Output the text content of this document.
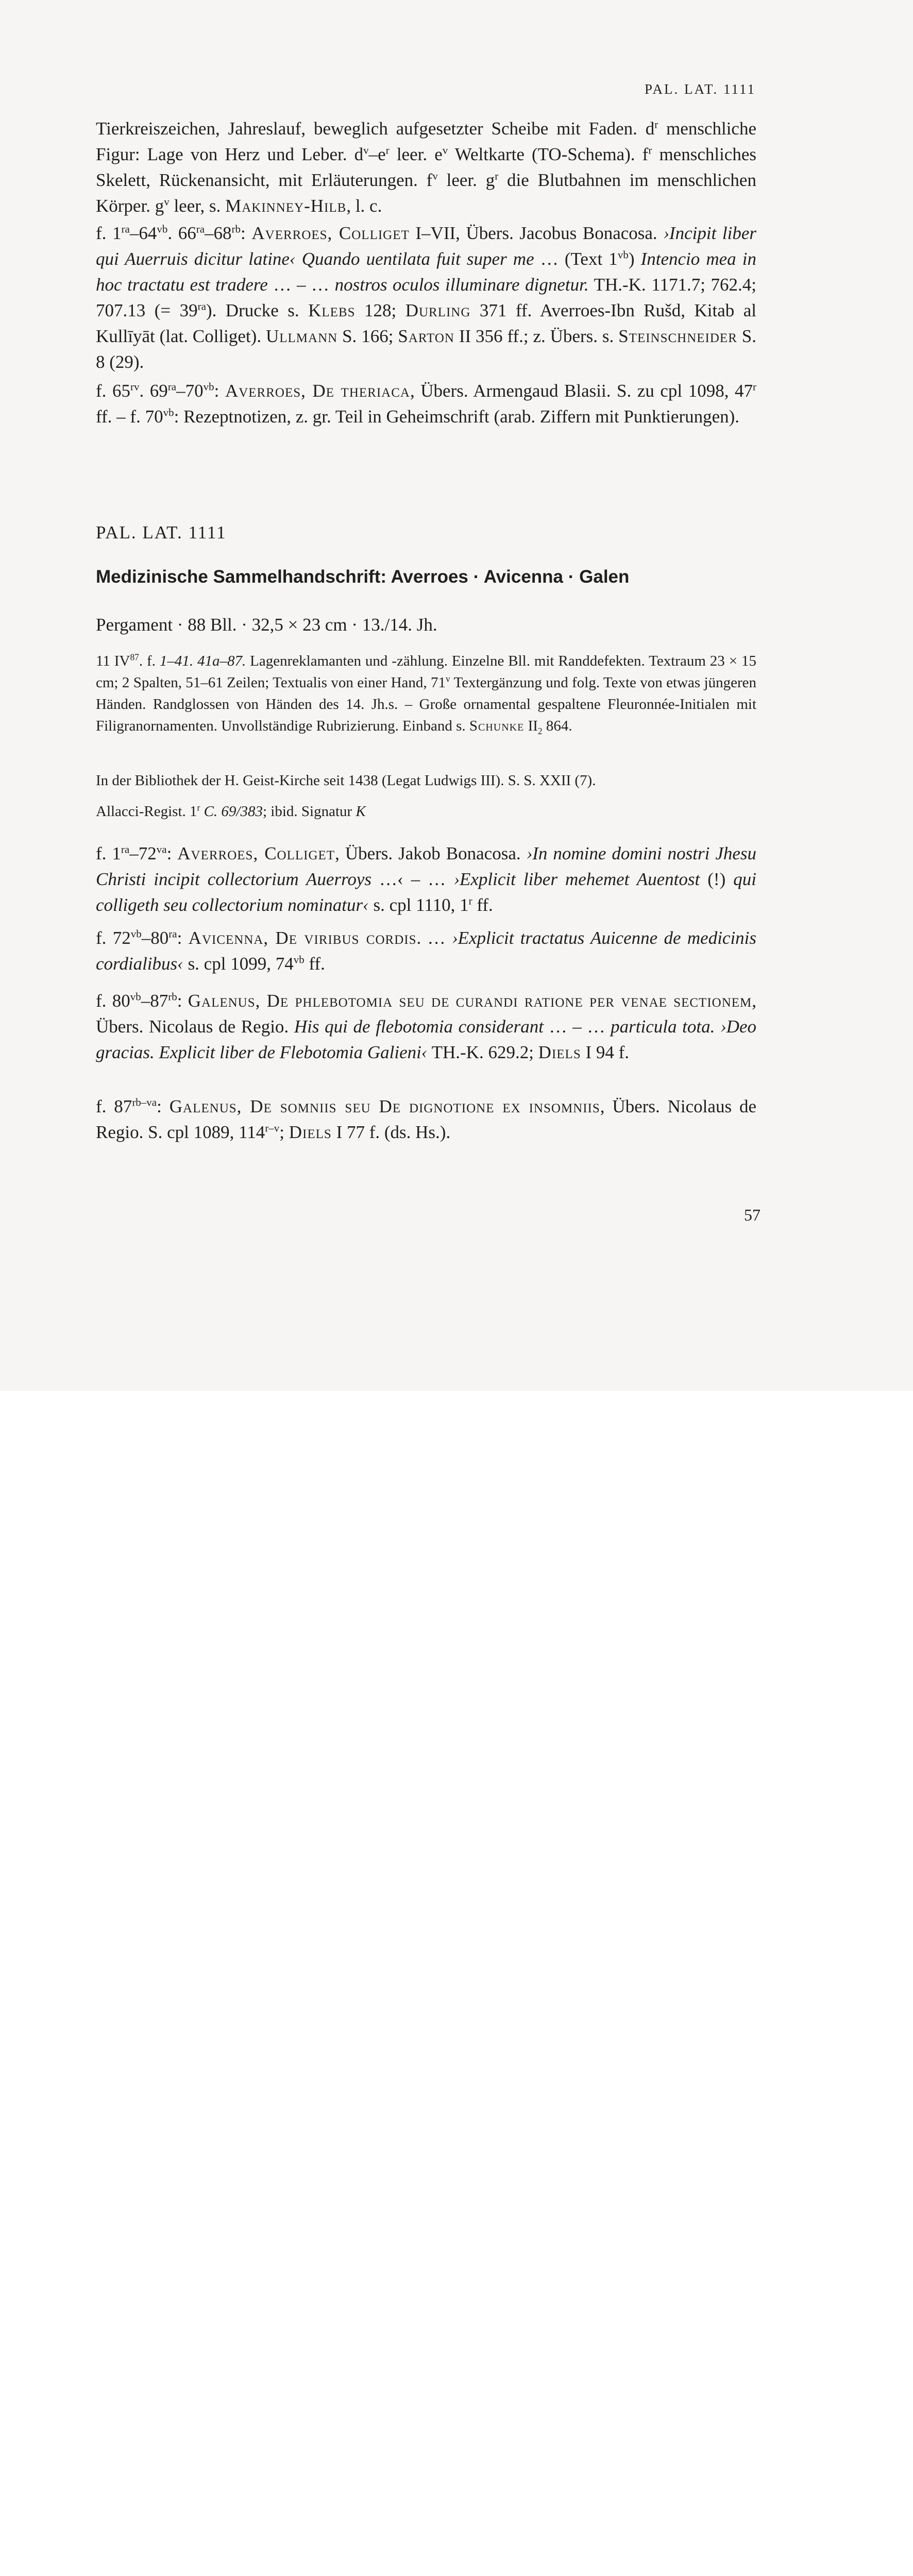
PAL. LAT. 1111
Tierkreiszeichen, Jahreslauf, beweglich aufgesetzter Scheibe mit Faden. $d^r$ menschliche Figur: Lage von Herz und Leber. $d^v-e^r$ leer. $e^v$ Weltkarte (TO-Schema). $f^r$ menschliches Skelett, Rückenansicht, mit Erläuterungen. $f^v$ leer. $g^r$ die Blutbahnen im menschlichen Körper. $g^v$ leer, s. Makinney-Hilb, l. c.
f. $1^{ra}-64^{vb}$. $66^{ra}-68^{rb}$: Averroes, Colliget I–VII, Übers. Jacobus Bonacosa. ›Incipit liber qui Auerruis dicitur latine‹ Quando uentilata fuit super me … (Text $1^{vb}$) Intencio mea in hoc tractatu est tradere … – … nostros oculos illuminare dignetur. TH.-K. 1171.7; 762.4; 707.13 (= $39^{ra}$). Drucke s. Klebs 128; Durling 371 ff. Averroes-Ibn Rušd, Kitab al Kullīyāt (lat. Colliget). Ullmann S. 166; Sarton II 356 ff.; z. Übers. s. Steinschneider S. 8 (29).
f. $65^{rv}$. $69^{ra}-70^{vb}$: Averroes, De theriaca, Übers. Armengaud Blasii. S. zu cpl 1098, 47$^r$ ff. – f. $70^{vb}$: Rezeptnotizen, z. gr. Teil in Geheimschrift (arab. Ziffern mit Punktierungen).
PAL. LAT. 1111
Medizinische Sammelhandschrift: Averroes · Avicenna · Galen
Pergament · 88 Bll. · 32,5 × 23 cm · 13./14. Jh.
11 IV$^{87}$. f. 1–41. 41a–87. Lagenreklamanten und -zählung. Einzelne Bll. mit Randdefekten. Textraum 23 × 15 cm; 2 Spalten, 51–61 Zeilen; Textualis von einer Hand, 71$^v$ Textergänzung und folg. Texte von etwas jüngeren Händen. Randglossen von Händen des 14. Jh.s. – Große ornamental gespaltene Fleuronnée-Initialen mit Filigranornamenten. Unvollständige Rubrizierung. Einband s. Schunke $II_2$ 864.
In der Bibliothek der H. Geist-Kirche seit 1438 (Legat Ludwigs III). S. S. XXII (7).
Allacci-Regist. 1$^r$ C. 69/383; ibid. Signatur K
f. $1^{ra}-72^{va}$: Averroes, Colliget, Übers. Jakob Bonacosa. ›In nomine domini nostri Jhesu Christi incipit collectorium Auerroys …‹ – … ›Explicit liber mehemet Auentost (!) qui colligeth seu collectorium nominatur‹ s. cpl 1110, 1$^r$ ff.
f. $72^{vb}-80^{ra}$: Avicenna, De viribus cordis. … ›Explicit tractatus Auicenne de medicinis cordialibus‹ s. cpl 1099, $74^{vb}$ ff.
f. $80^{vb}-87^{rb}$: Galenus, De phlebotomia seu de curandi ratione per venae sectionem, Übers. Nicolaus de Regio. His qui de flebotomia considerant … – … particula tota. ›Deo gracias. Explicit liber de Flebotomia Galieni‹ TH.-K. 629.2; Diels I 94 f.
f. $87^{rb-va}$: Galenus, De somniis seu De dignotione ex insomniis, Übers. Nicolaus de Regio. S. cpl 1089, 114$^{r-v}$; Diels I 77 f. (ds. Hs.).
57
